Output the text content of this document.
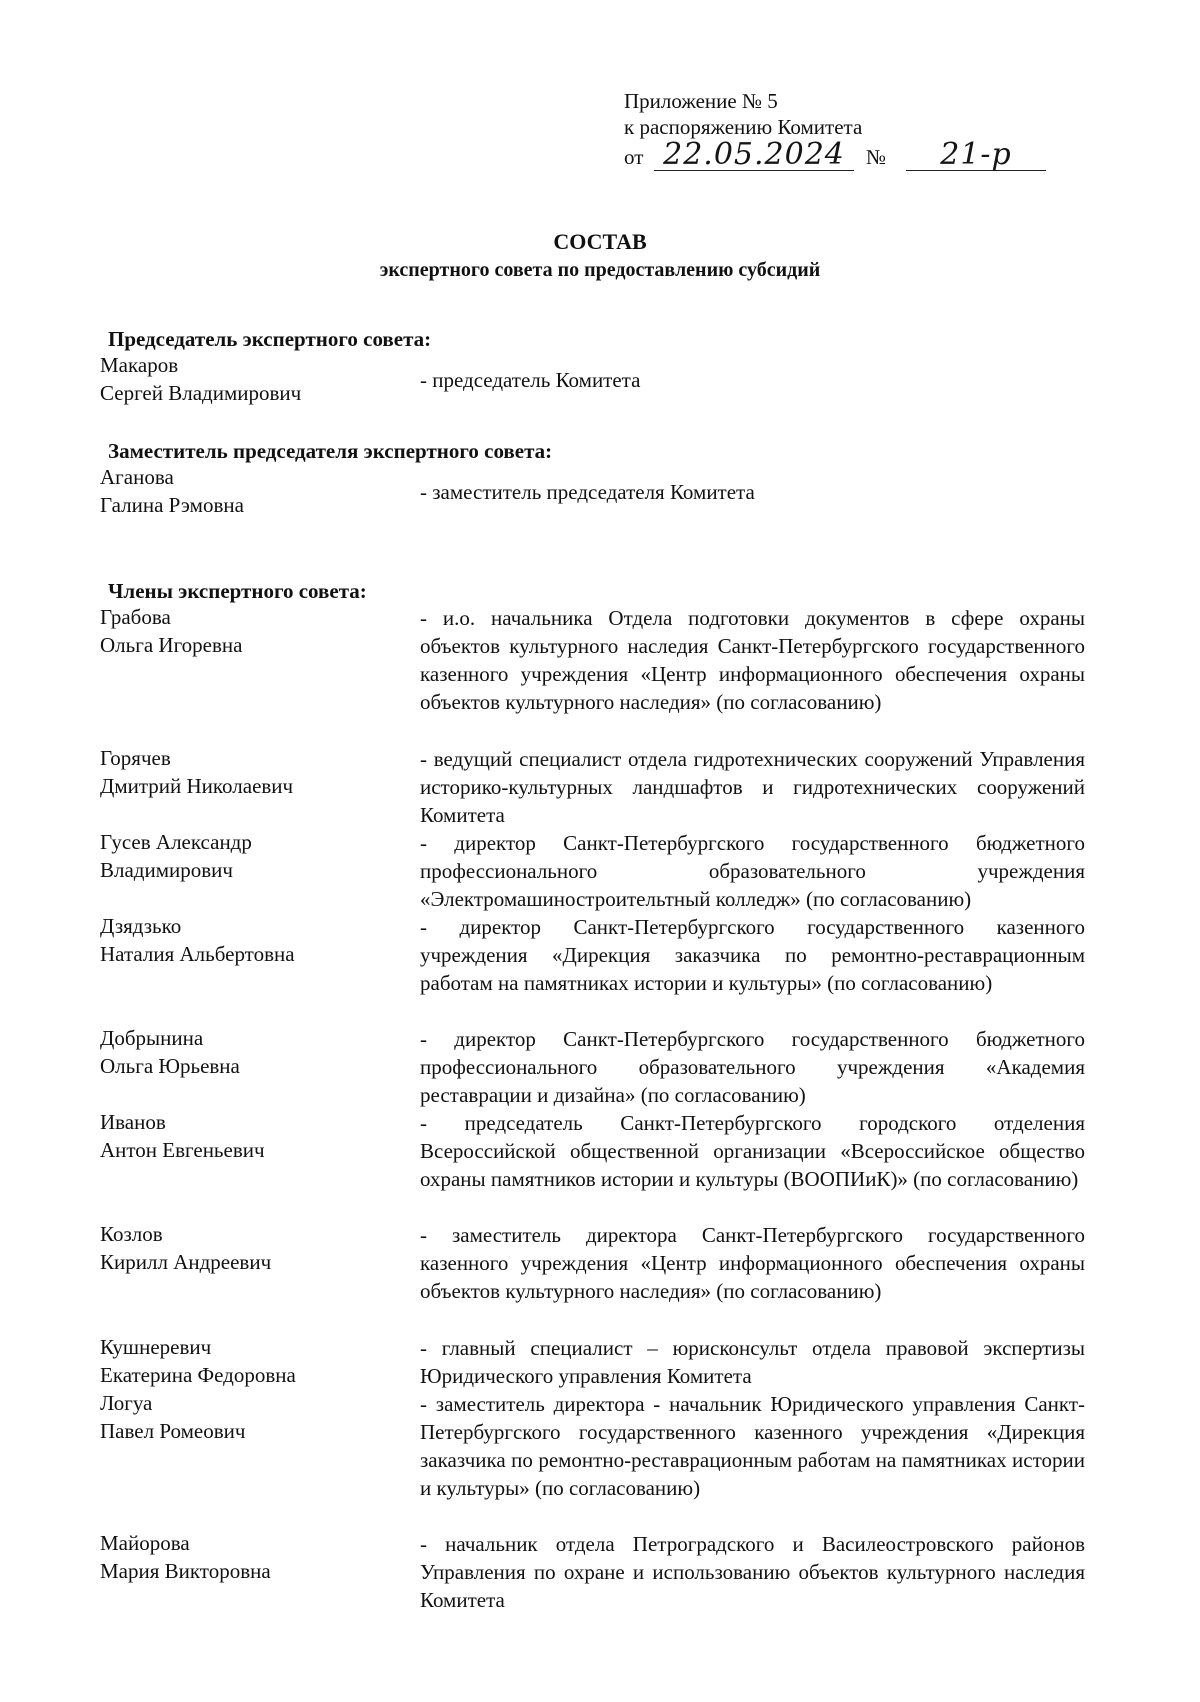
Приложение № 5
к распоряжению Комитета
от 22.05.2024	№	21-р
СОСТАВ
экспертного совета по предоставлению субсидий
Председатель экспертного совета:
Макаров
Сергей Владимирович
- председатель Комитета
Заместитель председателя экспертного совета:
Аганова
Галина Рэмовна
- заместитель председателя Комитета
Члены экспертного совета:
Грабова
Ольга Игоревна
- и.о. начальника Отдела подготовки документов в сфере охраны объектов культурного наследия Санкт-Петербургского государственного казенного учреждения «Центр информационного обеспечения охраны объектов культурного наследия» (по согласованию)
Горячев
Дмитрий Николаевич
- ведущий специалист отдела гидротехнических сооружений Управления историко-культурных ландшафтов и гидротехнических сооружений Комитета
Гусев Александр
Владимирович
- директор Санкт-Петербургского государственного бюджетного профессионального образовательного учреждения «Электромашиностроительтный колледж» (по согласованию)
Дзядзько
Наталия Альбертовна
- директор Санкт-Петербургского государственного казенного учреждения «Дирекция заказчика по ремонтно-реставрационным работам на памятниках истории и культуры» (по согласованию)
Добрынина
Ольга Юрьевна
- директор Санкт-Петербургского государственного бюджетного профессионального образовательного учреждения «Академия реставрации и дизайна» (по согласованию)
Иванов
Антон Евгеньевич
- председатель Санкт-Петербургского городского отделения Всероссийской общественной организации «Всероссийское общество охраны памятников истории и культуры (ВООПИиК)» (по согласованию)
Козлов
Кирилл Андреевич
- заместитель директора Санкт-Петербургского государственного казенного учреждения «Центр информационного обеспечения охраны объектов культурного наследия» (по согласованию)
Кушнеревич
Екатерина Федоровна
- главный специалист – юрисконсульт отдела правовой экспертизы Юридического управления Комитета
Логуа
Павел Ромеович
- заместитель директора - начальник Юридического управления Санкт-Петербургского государственного казенного учреждения «Дирекция заказчика по ремонтно-реставрационным работам на памятниках истории и культуры» (по согласованию)
Майорова
Мария Викторовна
- начальник отдела Петроградского и Василеостровского районов Управления по охране и использованию объектов культурного наследия Комитета
